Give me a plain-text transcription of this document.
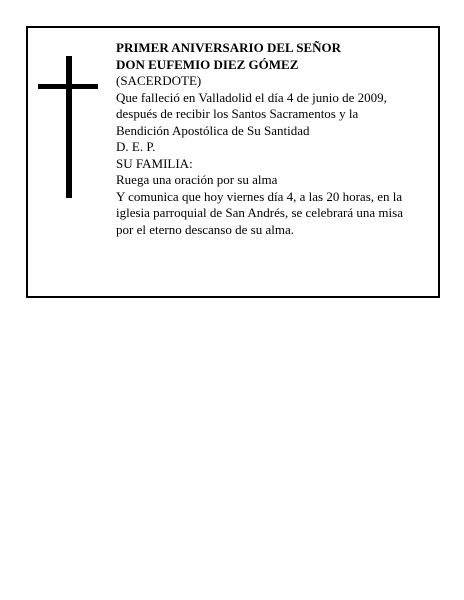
PRIMER ANIVERSARIO DEL SEÑOR
DON EUFEMIO DIEZ GÓMEZ
(SACERDOTE)
Que falleció en Valladolid el día 4 de junio de 2009,
después de recibir los Santos Sacramentos y la
Bendición Apostólica de Su Santidad
D. E. P.
SU FAMILIA:
Ruega una oración por su alma
Y comunica que hoy viernes día 4, a las 20 horas, en la
iglesia parroquial de San Andrés, se celebrará una misa
por el eterno descanso de su alma.
